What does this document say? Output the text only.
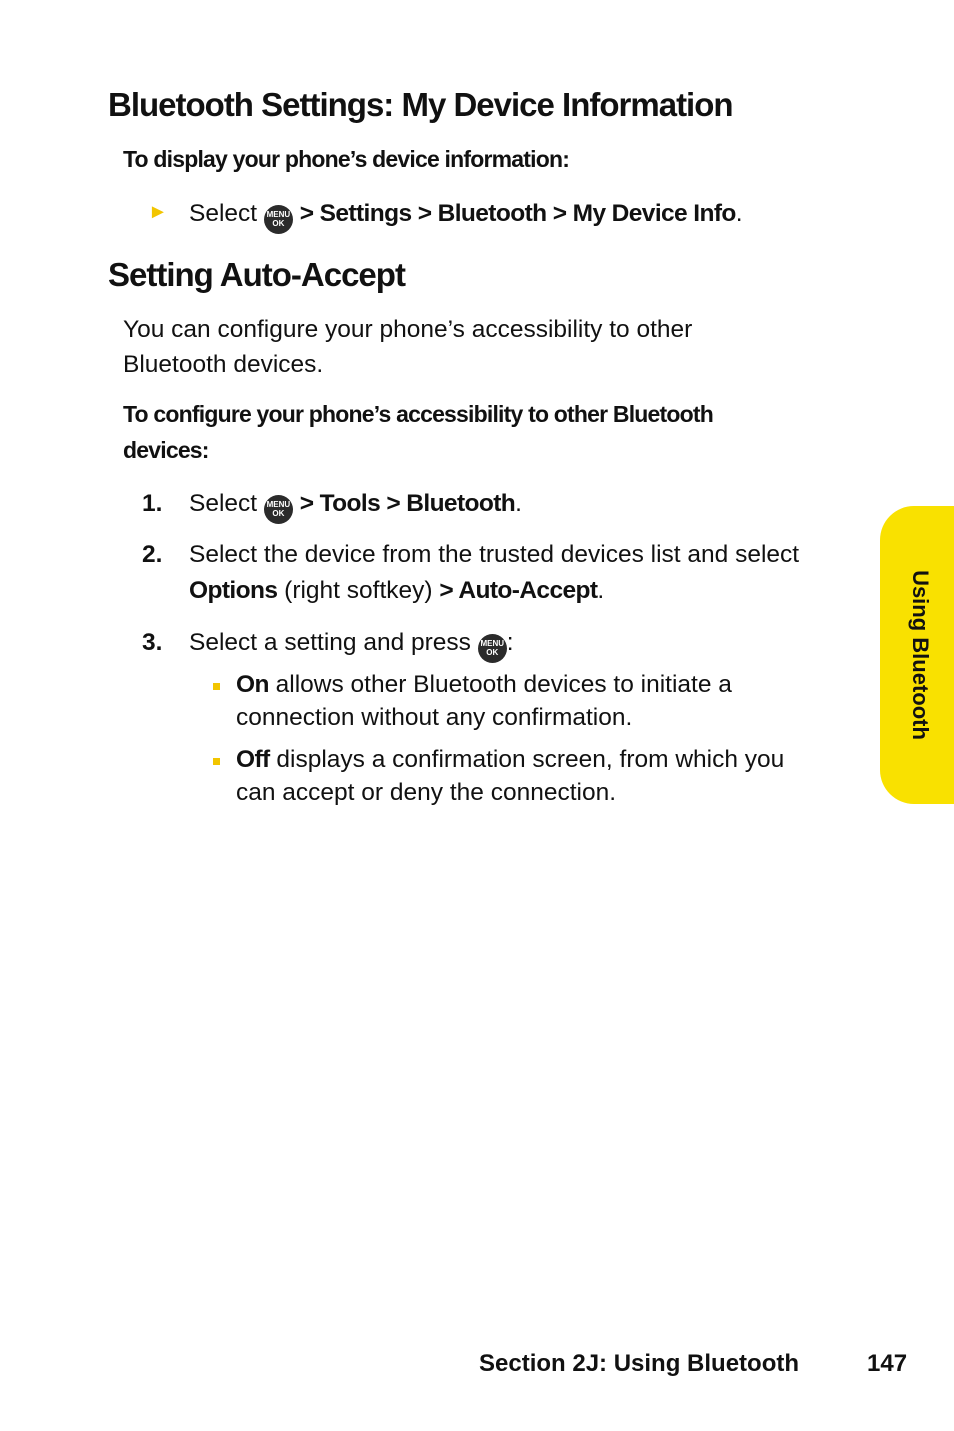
Bluetooth Settings: My Device Information
To display your phone’s device information:
► Select MENU
OK > Settings > Bluetooth > My Device Info.
Setting Auto-Accept
You can configure your phone’s accessibility to other
Bluetooth devices.
To configure your phone’s accessibility to other Bluetooth
devices:
1. Select MENU
OK > Tools > Bluetooth.
2. Select the device from the trusted devices list and select
Options (right softkey) > Auto-Accept.
3. Select a setting and press MENU
OK :
On allows other Bluetooth devices to initiate a
connection without any confirmation.
Off displays a confirmation screen, from which you
can accept or deny the connection.
Using Bluetooth
Section 2J: Using Bluetooth	147
